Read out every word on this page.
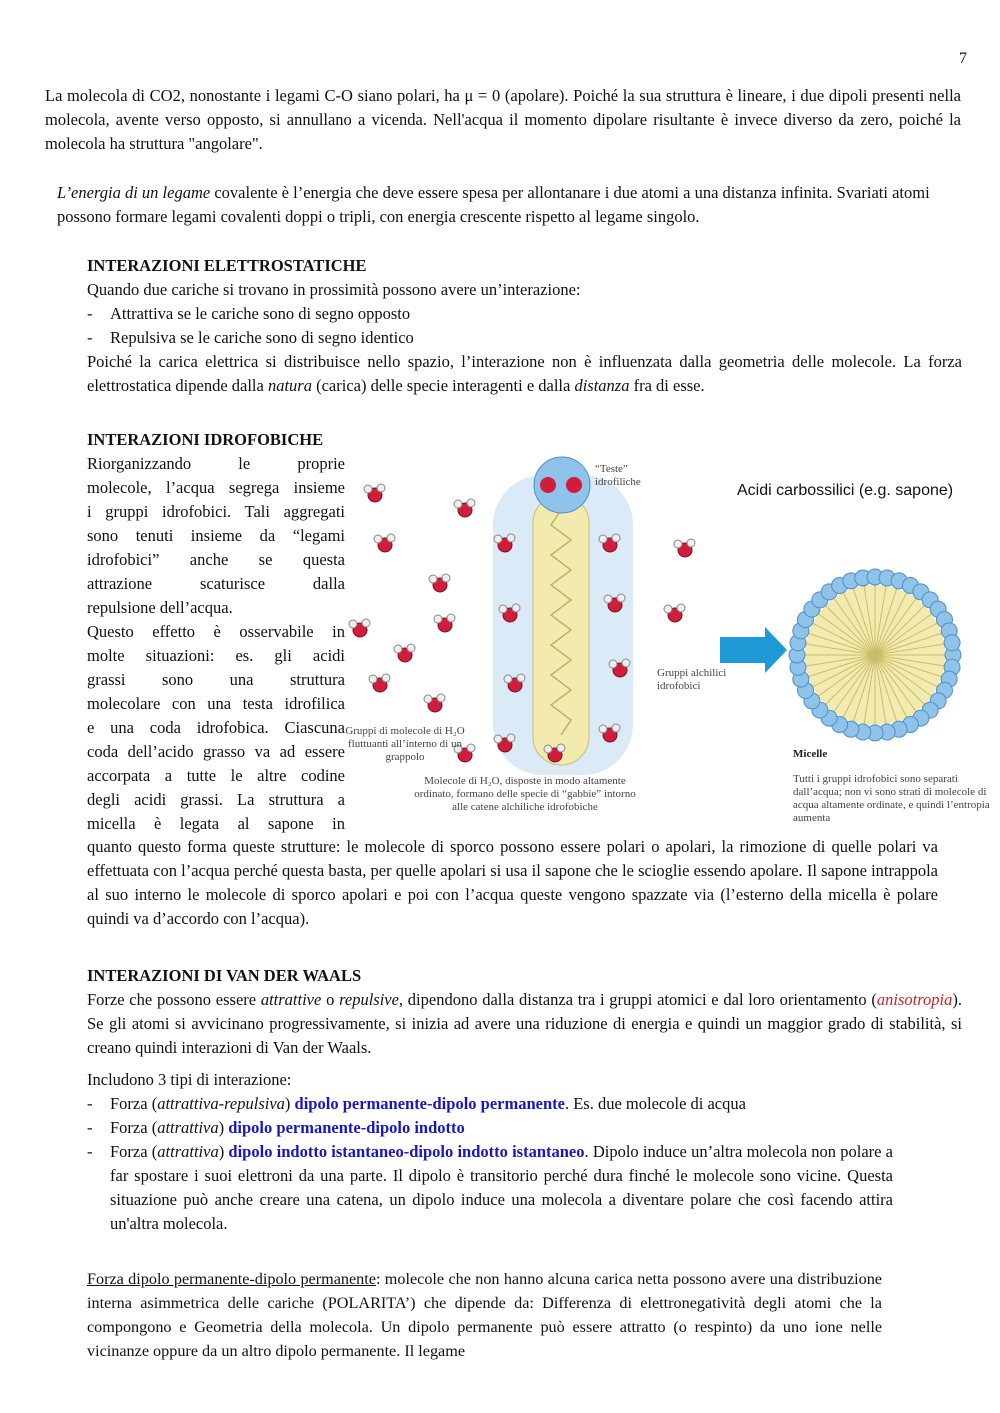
7

La molecola di CO2, nonostante i legami C-O siano polari, ha μ = 0 (apolare). Poiché la sua struttura è lineare, i due dipoli presenti nella molecola, avente verso opposto, si annullano a vicenda. Nell'acqua il momento dipolare risultante è invece diverso da zero, poiché la molecola ha struttura "angolare".

L’energia di un legame covalente è l’energia che deve essere spesa per allontanare i due atomi a una distanza infinita. Svariati atomi possono formare legami covalenti doppi o tripli, con energia crescente rispetto al legame singolo.

INTERAZIONI ELETTROSTATICHE
Quando due cariche si trovano in prossimità possono avere un’interazione:
- Attrattiva se le cariche sono di segno opposto
- Repulsiva se le cariche sono di segno identico

Poiché la carica elettrica si distribuisce nello spazio, l’interazione non è influenzata dalla geometria delle molecole. La forza elettrostatica dipende dalla natura (carica) delle specie interagenti e dalla distanza fra di esse.

INTERAZIONI IDROFOBICHE
Riorganizzando le proprie
molecole, l’acqua segrega insieme
i gruppi idrofobici. Tali aggregati
sono tenuti insieme da “legami
idrofobici” anche se questa
attrazione scaturisce dalla
repulsione dell’acqua.
Questo effetto è osservabile in
molte situazioni: es. gli acidi
grassi sono una struttura
molecolare con una testa idrofilica
e una coda idrofobica. Ciascuna
coda dell’acido grasso va ad essere
accorpata a tutte le altre codine
degli acidi grassi. La struttura a
micella è legata al sapone in

quanto questo forma queste strutture: le molecole di sporco possono essere polari o apolari, la rimozione di quelle polari va effettuata con l’acqua perché questa basta, per quelle apolari si usa il sapone che le scioglie essendo apolare. Il sapone intrappola al suo interno le molecole di sporco apolari e poi con l’acqua queste vengono spazzate via (l’esterno della micella è polare quindi va d’accordo con l’acqua).

Acidi carbossilici (e.g. sapone)
“Teste” idrofiliche
Gruppi alchilici idrofobici
Gruppi di molecole di H₂O fluttuanti all’interno di un grappolo
Molecole di H₂O, disposte in modo altamente ordinato, formano delle specie di “gabbie” intorno alle catene alchiliche idrofobiche
Micelle
Tutti i gruppi idrofobici sono separati dall’acqua; non vi sono strati di molecole di acqua altamente ordinate, e quindi l’entropia aumenta
INTERAZIONI DI VAN DER WAALS

Forze che possono essere attrattive o repulsive, dipendono dalla distanza tra i gruppi atomici e dal loro orientamento (anisotropia). Se gli atomi si avvicinano progressivamente, si inizia ad avere una riduzione di energia e quindi un maggior grado di stabilità, si creano quindi interazioni di Van der Waals.

Includono 3 tipi di interazione:
- Forza (attrattiva-repulsiva) dipolo permanente-dipolo permanente. Es. due molecole di acqua
- Forza (attrattiva) dipolo permanente-dipolo indotto
- Forza (attrattiva) dipolo indotto istantaneo-dipolo indotto istantaneo. Dipolo induce un’altra molecola non polare a far spostare i suoi elettroni da una parte. Il dipolo è transitorio perché dura finché le molecole sono vicine. Questa situazione può anche creare una catena, un dipolo induce una molecola a diventare polare che così facendo attira un'altra molecola.

Forza dipolo permanente-dipolo permanente: molecole che non hanno alcuna carica netta possono avere una distribuzione interna asimmetrica delle cariche (POLARITA’) che dipende da: Differenza di elettronegatività degli atomi che la compongono e Geometria della molecola. Un dipolo permanente può essere attratto (o respinto) da uno ione nelle vicinanze oppure da un altro dipolo permanente. Il legame
